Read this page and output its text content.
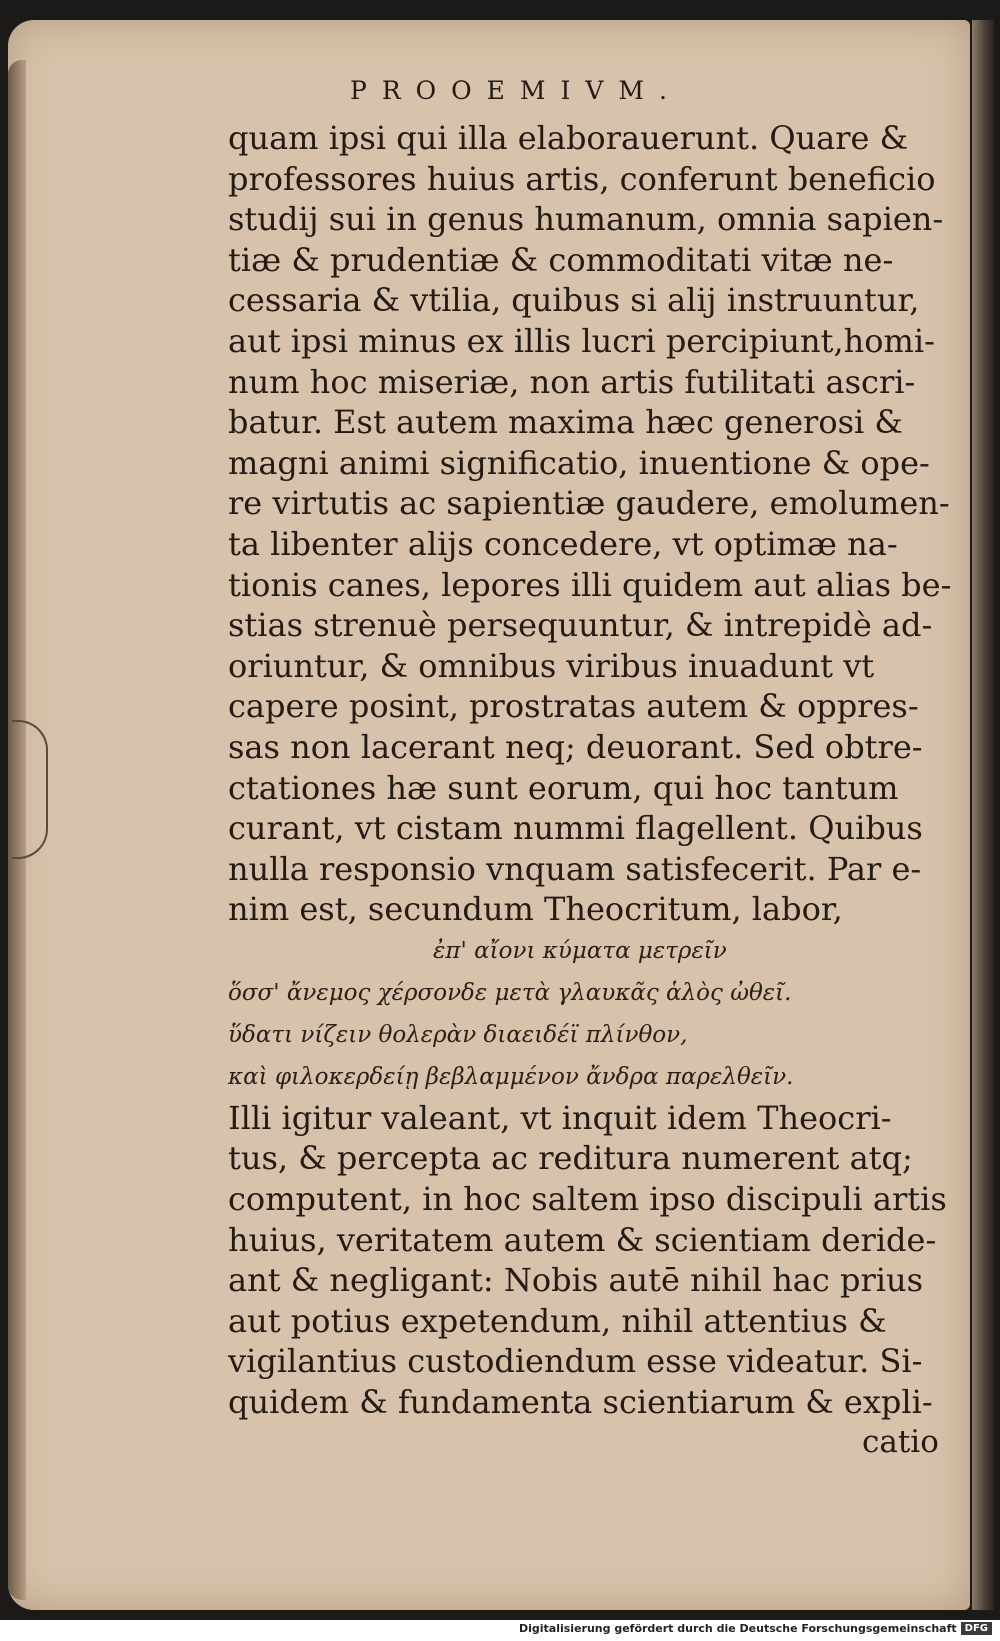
PROOEMIVM.
quam ipsi qui illa elaborauerunt. Quare &
professores huius artis, conferunt beneficio
studij sui in genus humanum, omnia sapien-
tiæ & prudentiæ & commoditati vitæ ne-
cessaria & vtilia, quibus si alij instruuntur,
aut ipsi minus ex illis lucri percipiunt,homi-
num hoc miseriæ, non artis futilitati ascri-
batur. Est autem maxima hæc generosi &
magni animi significatio, inuentione & ope-
re virtutis ac sapientiæ gaudere, emolumen-
ta libenter alijs concedere, vt optimæ na-
tionis canes, lepores illi quidem aut alias be-
stias strenuè persequuntur, & intrepidè ad-
oriuntur, & omnibus viribus inuadunt vt
capere posint, prostratas autem & oppres-
sas non lacerant neq; deuorant. Sed obtre-
ctationes hæ sunt eorum, qui hoc tantum
curant, vt cistam nummi flagellent. Quibus
nulla responsio vnquam satisfecerit. Par e-
nim est, secundum Theocritum, labor,
ἐπ' αἴονι κύματα μετρεῖν
ὅσσ' ἄνεμος χέρσονδε μετὰ γλαυκᾶς ἁλὸς ὠθεῖ.
ὕδατι νίζειν θολερὰν διαειδέϊ πλίνθον,
καὶ φιλοκερδείῃ βεβλαμμένον ἄνδρα παρελθεῖν.
Illi igitur valeant, vt inquit idem Theocri-
tus, & percepta ac reditura numerent atq;
computent, in hoc saltem ipso discipuli artis
huius, veritatem autem & scientiam deride-
ant & negligant: Nobis autē nihil hac prius
aut potius expetendum, nihil attentius &
vigilantius custodiendum esse videatur. Si-
quidem & fundamenta scientiarum & expli-
catio
Digitalisierung gefördert durch die Deutsche Forschungsgemeinschaft DFG
